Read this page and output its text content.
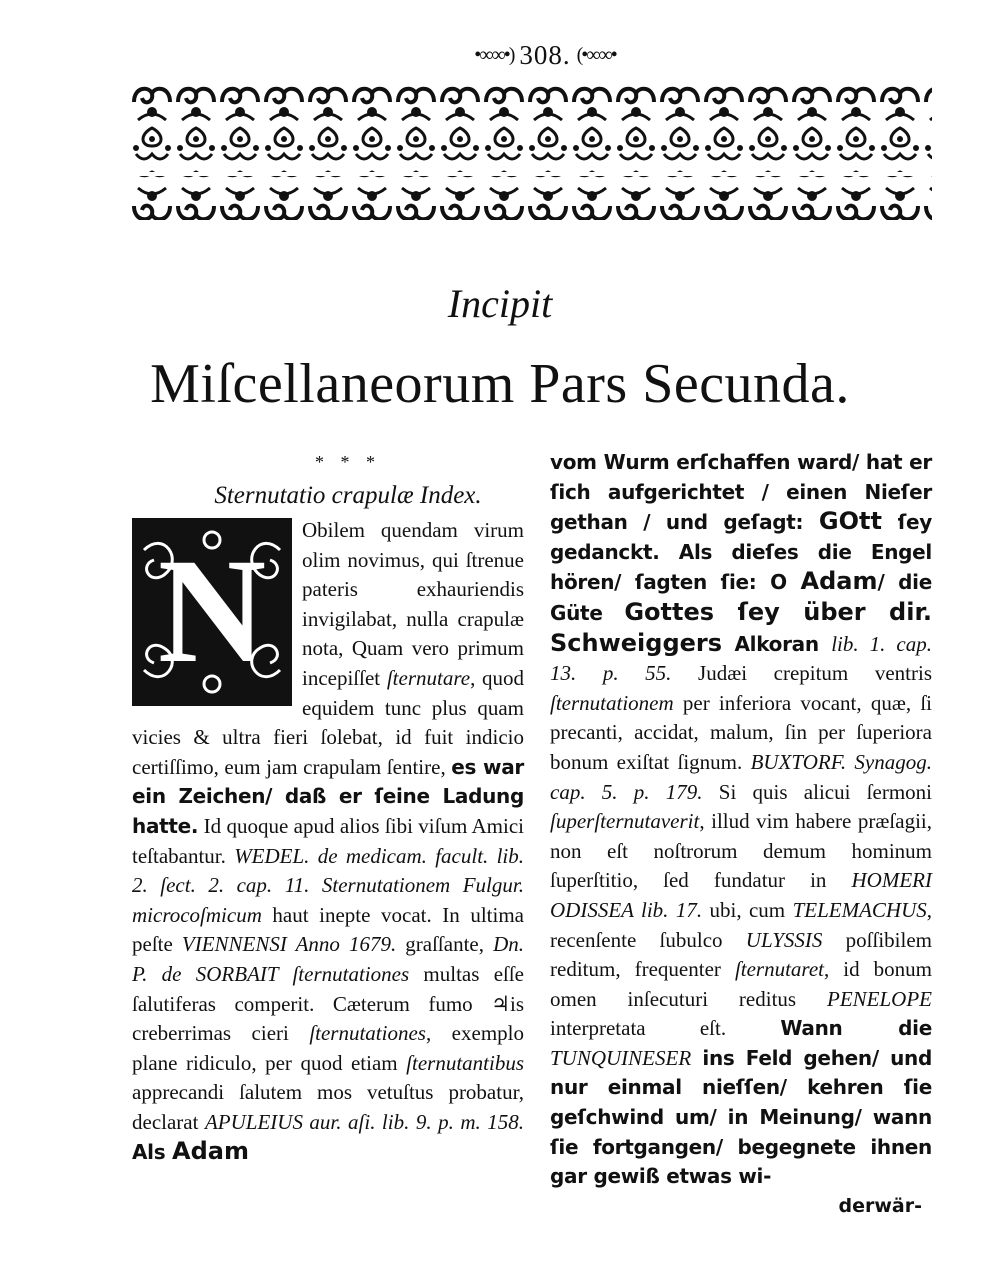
•∞∞•) 308. (•∞∞•
Incipit
Miſcellaneorum Pars Secunda.
* * *
Sternutatio crapulæ Index.
N	Obilem quendam virum olim novimus, qui ſtrenue pateris exhauriendis invigilabat, nulla crapulæ nota, Quam vero primum incepiſſet ſternutare, quod equidem tunc plus quam vicies & ultra fieri ſolebat, id fuit indicio certiſſimo, eum jam crapulam ſentire, es war ein Zeichen/ daß er ſeine Ladung hatte. Id quoque apud alios ſibi viſum Amici teſtabantur. WEDEL. de medicam. facult. lib. 2. ſect. 2. cap. 11. Sternutationem Fulgur. microcoſmicum haut inepte vocat. In ultima peſte VIENNENSI Anno 1679. graſſante, Dn. P. de SORBAIT ſternutationes multas eſſe ſalutiferas comperit. Cæterum fumo ♃is creberrimas cieri ſternutationes, exemplo plane ridiculo, per quod etiam ſternutantibus apprecandi ſalutem mos vetuſtus probatur, declarat APULEIUS aur. aſi. lib. 9. p. m. 158. Als Adam

vom Wurm erſchaffen ward/ hat er ſich aufgerichtet / einen Nieſer gethan / und geſagt: GOtt ſey gedanckt. Als dieſes die Engel hören/ ſagten ſie: O Adam/ die Güte Gottes ſey über dir. Schweiggers Alkoran lib. 1. cap. 13. p. 55. Judæi crepitum ventris ſternutationem per inferiora vocant, quæ, ſi precanti, accidat, malum, ſin per ſuperiora bonum exiſtat ſignum. BUXTORF. Synagog. cap. 5. p. 179. Si quis alicui ſermoni ſuperſternutaverit, illud vim habere præſagii, non eſt noſtrorum demum hominum ſuperſtitio, ſed fundatur in HOMERI ODISSEA lib. 17. ubi, cum TELEMACHUS, recenſente ſubulco ULYSSIS poſſibilem reditum, frequenter ſternutaret, id bonum omen inſecuturi reditus PENELOPE interpretata eſt. Wann die TUNQUINESER ins Feld gehen/ und nur einmal nieſſen/ kehren ſie geſchwind um/ in Meinung/ wann ſie fortgangen/ begegnete ihnen gar gewiß etwas wi-

derwär-
